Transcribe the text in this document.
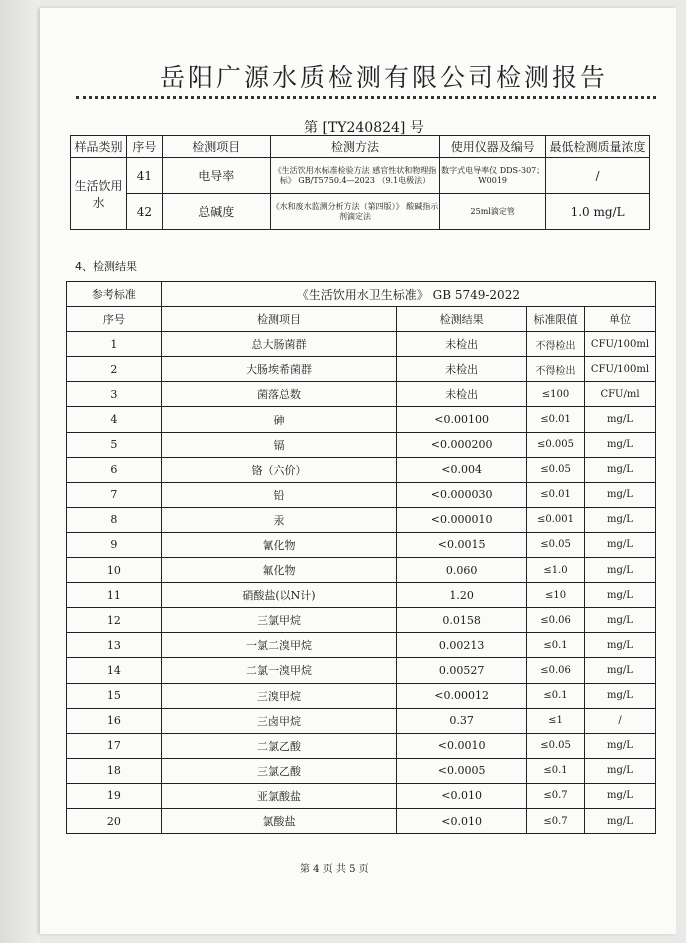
岳阳广源水质检测有限公司检测报告
第 [TY240824] 号
样品类别	序号	检测项目	检测方法	使用仪器及编号	最低检测质量浓度
生活饮用水	41	电导率	《生活饮用水标准检验方法 感官性状和物理指标》 GB/T5750.4—2023 （9.1电极法）	数字式电导率仪 DDS-307； W0019	/
	42	总碱度	《水和废水监测分析方法（第四版）》 酸碱指示剂滴定法	25ml滴定管	1.0 mg/L
4、检测结果
参考标准	《生活饮用水卫生标准》 GB 5749-2022			
序号	检测项目	检测结果	标准限值	单位
1	总大肠菌群	未检出	不得检出	CFU/100ml
2	大肠埃希菌群	未检出	不得检出	CFU/100ml
3	菌落总数	未检出	≤100	CFU/ml
4	砷	<0.00100	≤0.01	mg/L
5	镉	<0.000200	≤0.005	mg/L
6	铬（六价）	<0.004	≤0.05	mg/L
7	铅	<0.000030	≤0.01	mg/L
8	汞	<0.000010	≤0.001	mg/L
9	氰化物	<0.0015	≤0.05	mg/L
10	氟化物	0.060	≤1.0	mg/L
11	硝酸盐(以N计)	1.20	≤10	mg/L
12	三氯甲烷	0.0158	≤0.06	mg/L
13	一氯二溴甲烷	0.00213	≤0.1	mg/L
14	二氯一溴甲烷	0.00527	≤0.06	mg/L
15	三溴甲烷	<0.00012	≤0.1	mg/L
16	三卤甲烷	0.37	≤1	/
17	二氯乙酸	<0.0010	≤0.05	mg/L
18	三氯乙酸	<0.0005	≤0.1	mg/L
19	亚氯酸盐	<0.010	≤0.7	mg/L
20	氯酸盐	<0.010	≤0.7	mg/L
第 4 页 共 5 页
